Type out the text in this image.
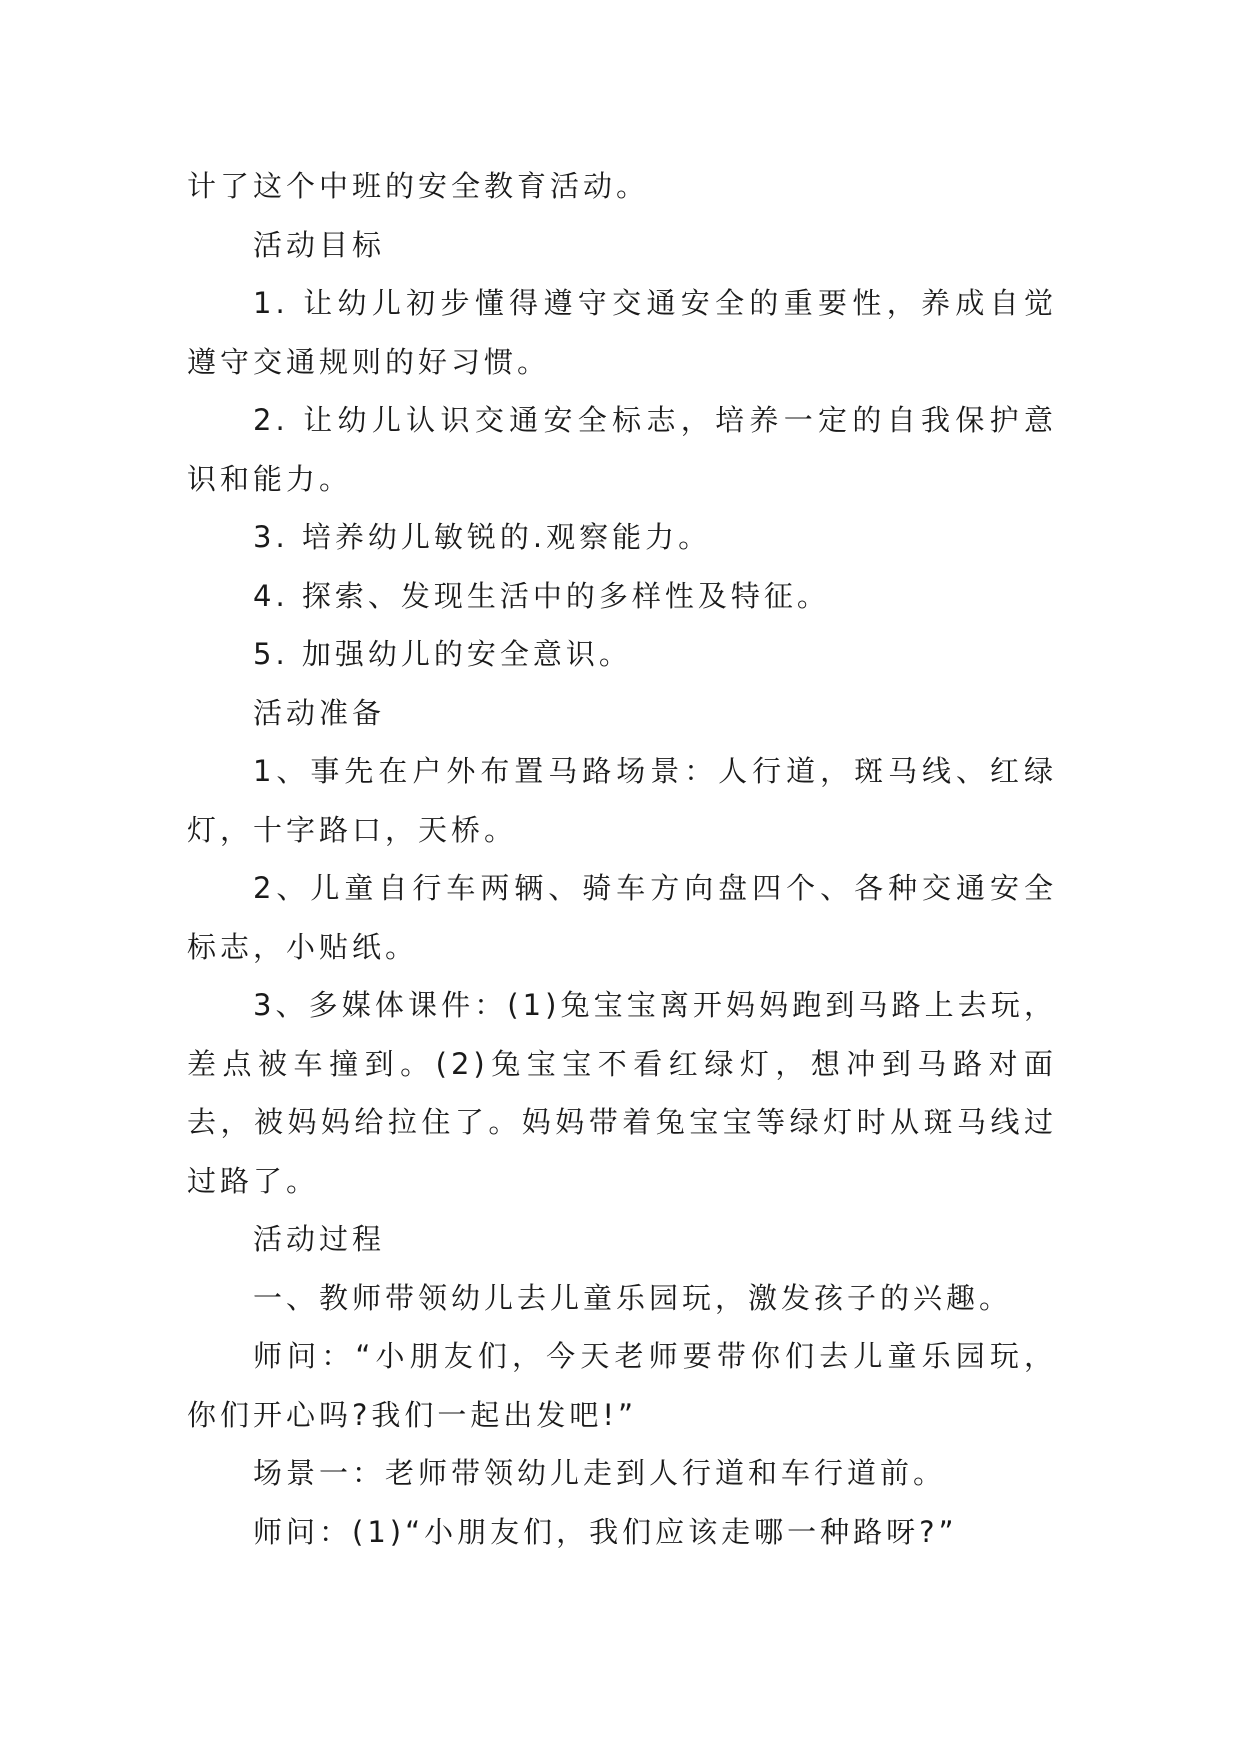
计了这个中班的安全教育活动。

活动目标

1. 让幼儿初步懂得遵守交通安全的重要性，养成自觉遵守交通规则的好习惯。

2. 让幼儿认识交通安全标志，培养一定的自我保护意识和能力。

3. 培养幼儿敏锐的.观察能力。

4. 探索、发现生活中的多样性及特征。

5. 加强幼儿的安全意识。

活动准备

1、事先在户外布置马路场景：人行道，斑马线、红绿灯，十字路口，天桥。

2、儿童自行车两辆、骑车方向盘四个、各种交通安全标志，小贴纸。

3、多媒体课件：(1)兔宝宝离开妈妈跑到马路上去玩，差点被车撞到。(2)兔宝宝不看红绿灯，想冲到马路对面去，被妈妈给拉住了。妈妈带着兔宝宝等绿灯时从斑马线过过路了。

活动过程

一、教师带领幼儿去儿童乐园玩，激发孩子的兴趣。

师问：“小朋友们，今天老师要带你们去儿童乐园玩，你们开心吗?我们一起出发吧!”

场景一：老师带领幼儿走到人行道和车行道前。

师问：(1)“小朋友们，我们应该走哪一种路呀?”
